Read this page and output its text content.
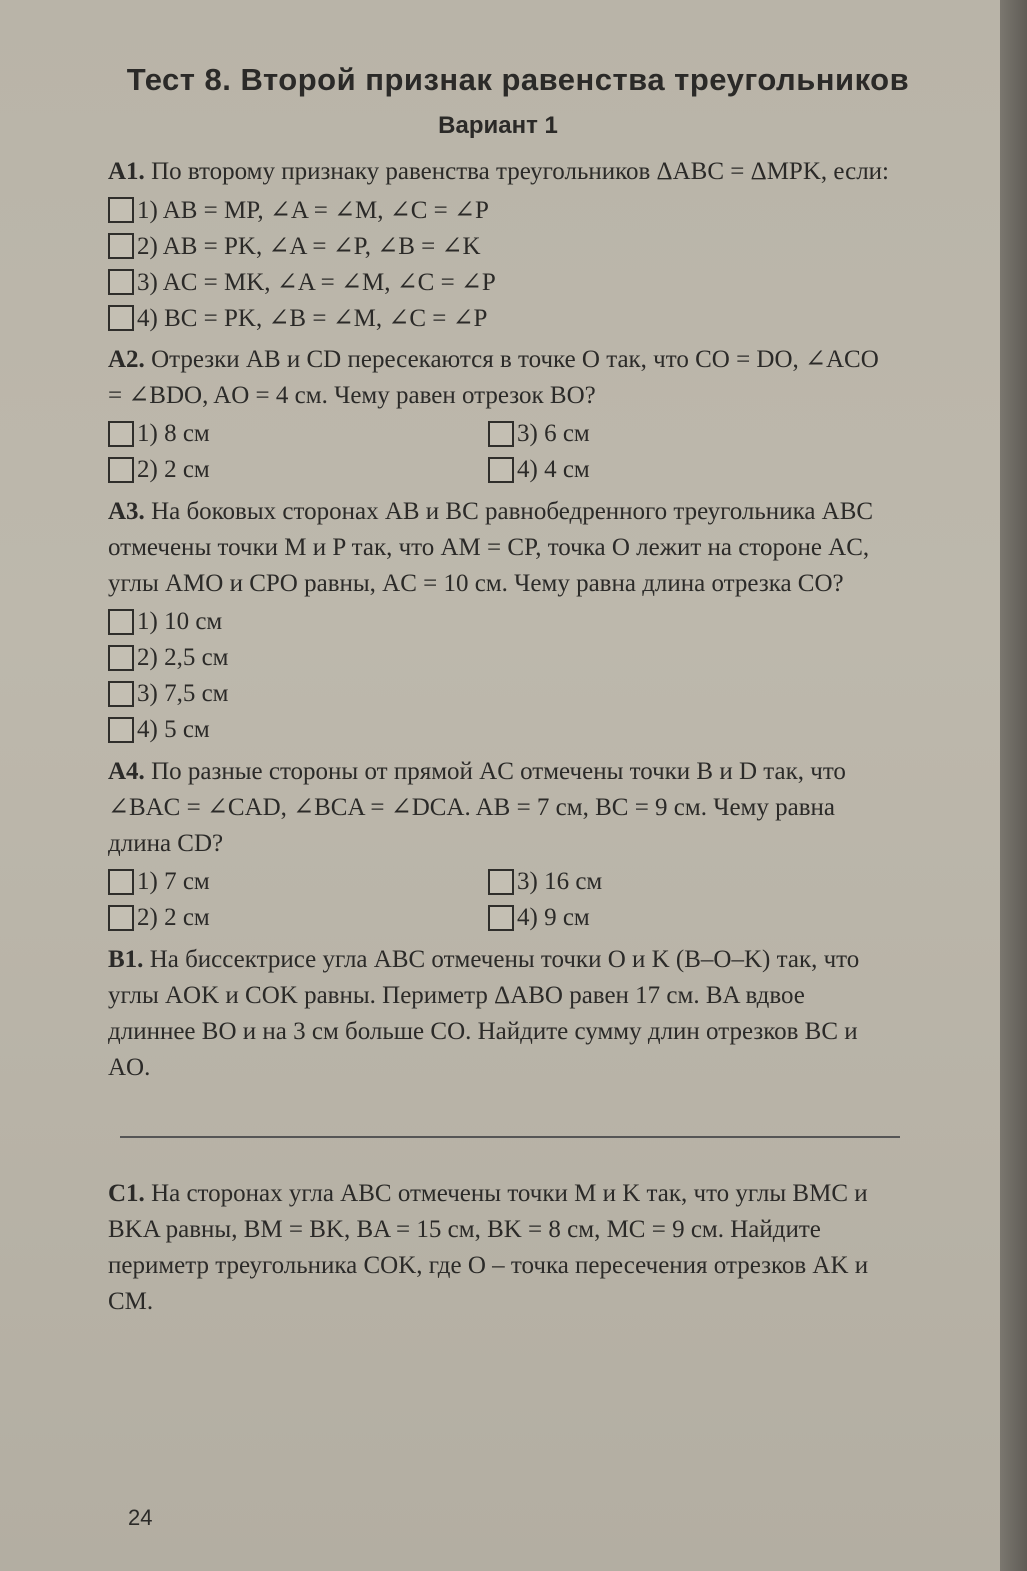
Тест 8. Второй признак равенства треугольников
Вариант 1

А1. По второму признаку равенства треугольников ΔABC = ΔMPK, если:

1) AB = MP, ∠A = ∠M, ∠C = ∠P
2) AB = PK, ∠A = ∠P, ∠B = ∠K
3) AC = MK, ∠A = ∠M, ∠C = ∠P
4) BC = PK, ∠B = ∠M, ∠C = ∠P

А2. Отрезки AB и CD пересекаются в точке O так, что CO = DO, ∠ACO = ∠BDO, AO = 4 см. Чему равен отрезок BO?

1) 8 см	3) 6 см
2) 2 см	4) 4 см

А3. На боковых сторонах AB и BC равнобедренного треугольника ABC отмечены точки M и P так, что AM = CP, точка O лежит на стороне AC, углы AMO и CPO равны, AC = 10 см. Чему равна длина отрезка CO?

1) 10 см
2) 2,5 см
3) 7,5 см
4) 5 см

А4. По разные стороны от прямой AC отмечены точки B и D так, что ∠BAC = ∠CAD, ∠BCA = ∠DCA. AB = 7 см, BC = 9 см. Чему равна длина CD?

1) 7 см	3) 16 см
2) 2 см	4) 9 см

В1. На биссектрисе угла ABC отмечены точки O и K (B–O–K) так, что углы AOK и COK равны. Периметр ΔABO равен 17 см. BA вдвое длиннее BO и на 3 см больше CO. Найдите сумму длин отрезков BC и AO.

С1. На сторонах угла ABC отмечены точки M и K так, что углы BMC и BKA равны, BM = BK, BA = 15 см, BK = 8 см, MC = 9 см. Найдите периметр треугольника COK, где O – точка пересечения отрезков AK и CM.

24
